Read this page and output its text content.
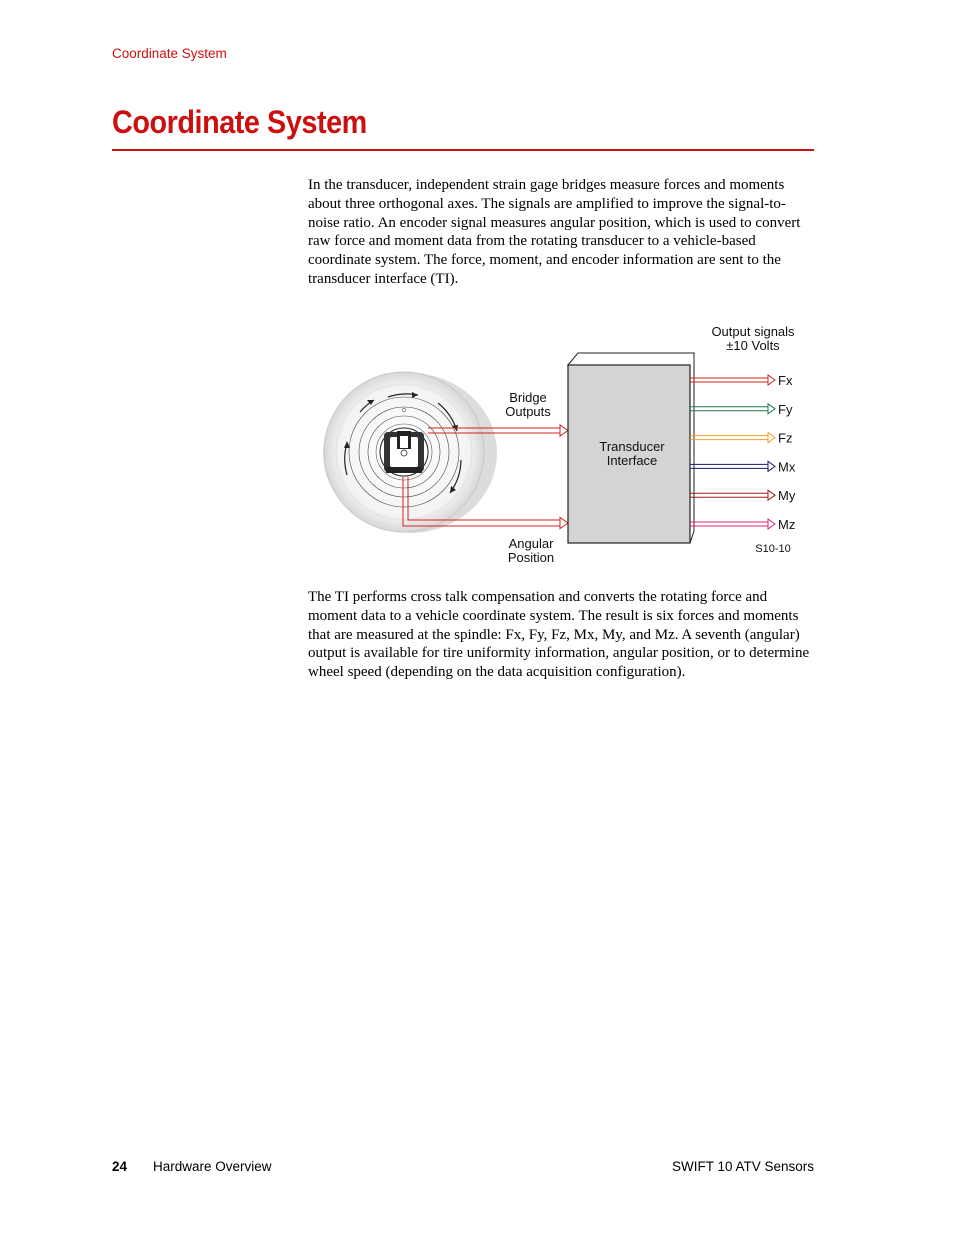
Coordinate System
Coordinate System

In the transducer, independent strain gage bridges measure forces and moments about three orthogonal axes. The signals are amplified to improve the signal-to-noise ratio. An encoder signal measures angular position, which is used to convert raw force and moment data from the rotating transducer to a vehicle-based coordinate system. The force, moment, and encoder information are sent to the transducer interface (TI).

Transducer
Interface
Fx
Fy
Fz
Mx
My
Mz
Output signals
±10 Volts
Bridge
Outputs
Angular
Position
S10-10

The TI performs cross talk compensation and converts the rotating force and moment data to a vehicle coordinate system. The result is six forces and moments that are measured at the spindle: Fx, Fy, Fz, Mx, My, and Mz. A seventh (angular) output is available for tire uniformity information, angular position, or to determine wheel speed (depending on the data acquisition configuration).

24 Hardware Overview	SWIFT 10 ATV Sensors
